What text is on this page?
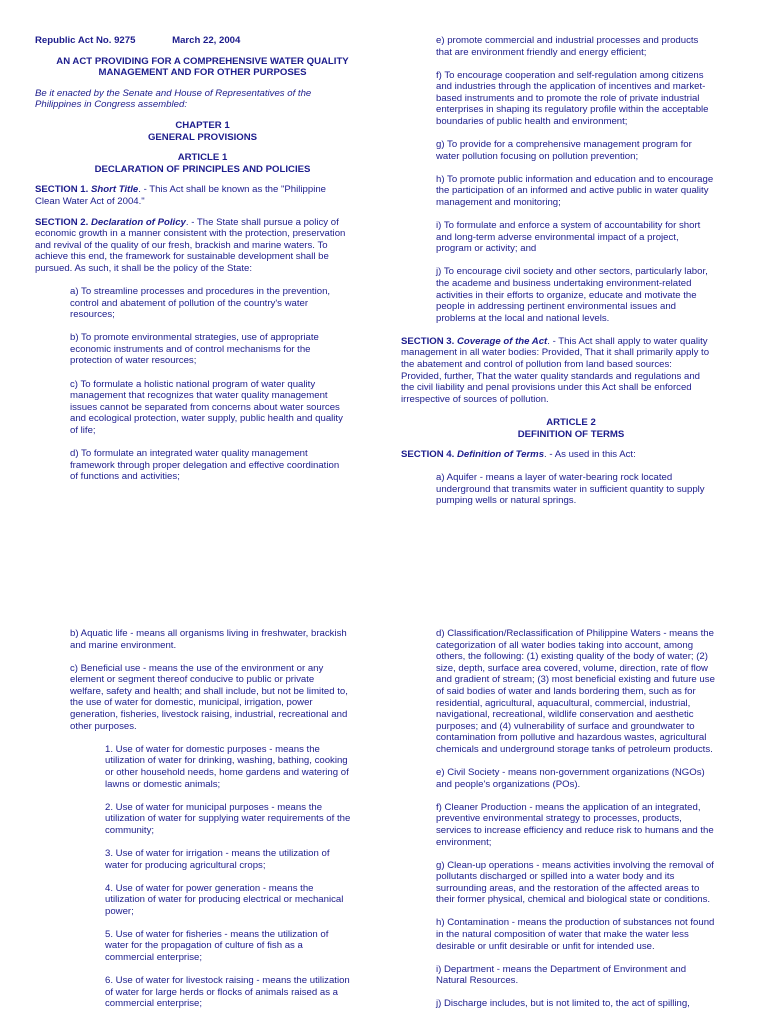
Republic Act No. 9275	March 22, 2004

AN ACT PROVIDING FOR A COMPREHENSIVE WATER QUALITY
MANAGEMENT AND FOR OTHER PURPOSES

Be it enacted by the Senate and House of Representatives of the
Philippines in Congress assembled:

CHAPTER 1
GENERAL PROVISIONS

ARTICLE 1
DECLARATION OF PRINCIPLES AND POLICIES

SECTION 1. Short Title. - This Act shall be known as the "Philippine
Clean Water Act of 2004."

SECTION 2. Declaration of Policy. - The State shall pursue a policy of
economic growth in a manner consistent with the protection, preservation
and revival of the quality of our fresh, brackish and marine waters. To
achieve this end, the framework for sustainable development shall be
pursued. As such, it shall be the policy of the State:

a) To streamline processes and procedures in the prevention,
control and abatement of pollution of the country's water
resources;

b) To promote environmental strategies, use of appropriate
economic instruments and of control mechanisms for the
protection of water resources;

c) To formulate a holistic national program of water quality
management that recognizes that water quality management
issues cannot be separated from concerns about water sources
and ecological protection, water supply, public health and quality
of life;

d) To formulate an integrated water quality management
framework through proper delegation and effective coordination
of functions and activities;

e) promote commercial and industrial processes and products
that are environment friendly and energy efficient;

f) To encourage cooperation and self-regulation among citizens
and industries through the application of incentives and market-
based instruments and to promote the role of private industrial
enterprises in shaping its regulatory profile within the acceptable
boundaries of public health and environment;

g) To provide for a comprehensive management program for
water pollution focusing on pollution prevention;

h) To promote public information and education and to encourage
the participation of an informed and active public in water quality
management and monitoring;

i) To formulate and enforce a system of accountability for short
and long-term adverse environmental impact of a project,
program or activity; and

j) To encourage civil society and other sectors, particularly labor,
the academe and business undertaking environment-related
activities in their efforts to organize, educate and motivate the
people in addressing pertinent environmental issues and
problems at the local and national levels.

SECTION 3. Coverage of the Act. - This Act shall apply to water quality
management in all water bodies: Provided, That it shall primarily apply to
the abatement and control of pollution from land based sources:
Provided, further, That the water quality standards and regulations and
the civil liability and penal provisions under this Act shall be enforced
irrespective of sources of pollution.

ARTICLE 2
DEFINITION OF TERMS

SECTION 4. Definition of Terms. - As used in this Act:

a) Aquifer - means a layer of water-bearing rock located
underground that transmits water in sufficient quantity to supply
pumping wells or natural springs.

b) Aquatic life - means all organisms living in freshwater, brackish
and marine environment.

c) Beneficial use - means the use of the environment or any
element or segment thereof conducive to public or private
welfare, safety and health; and shall include, but not be limited to,
the use of water for domestic, municipal, irrigation, power
generation, fisheries, livestock raising, industrial, recreational and
other purposes.

1. Use of water for domestic purposes - means the
utilization of water for drinking, washing, bathing, cooking
or other household needs, home gardens and watering of
lawns or domestic animals;

2. Use of water for municipal purposes - means the
utilization of water for supplying water requirements of the
community;

3. Use of water for irrigation - means the utilization of
water for producing agricultural crops;

4. Use of water for power generation - means the
utilization of water for producing electrical or mechanical
power;

5. Use of water for fisheries - means the utilization of
water for the propagation of culture of fish as a
commercial enterprise;

6. Use of water for livestock raising - means the utilization
of water for large herds or flocks of animals raised as a
commercial enterprise;

d) Classification/Reclassification of Philippine Waters - means the
categorization of all water bodies taking into account, among
others, the following: (1) existing quality of the body of water; (2)
size, depth, surface area covered, volume, direction, rate of flow
and gradient of stream; (3) most beneficial existing and future use
of said bodies of water and lands bordering them, such as for
residential, agricultural, aquacultural, commercial, industrial,
navigational, recreational, wildlife conservation and aesthetic
purposes; and (4) vulnerability of surface and groundwater to
contamination from pollutive and hazardous wastes, agricultural
chemicals and underground storage tanks of petroleum products.

e) Civil Society - means non-government organizations (NGOs)
and people's organizations (POs).

f) Cleaner Production - means the application of an integrated,
preventive environmental strategy to processes, products,
services to increase efficiency and reduce risk to humans and the
environment;

g) Clean-up operations - means activities involving the removal of
pollutants discharged or spilled into a water body and its
surrounding areas, and the restoration of the affected areas to
their former physical, chemical and biological state or conditions.

h) Contamination - means the production of substances not found
in the natural composition of water that make the water less
desirable or unfit desirable or unfit for intended use.

i) Department - means the Department of Environment and
Natural Resources.

j) Discharge includes, but is not limited to, the act of spilling,
